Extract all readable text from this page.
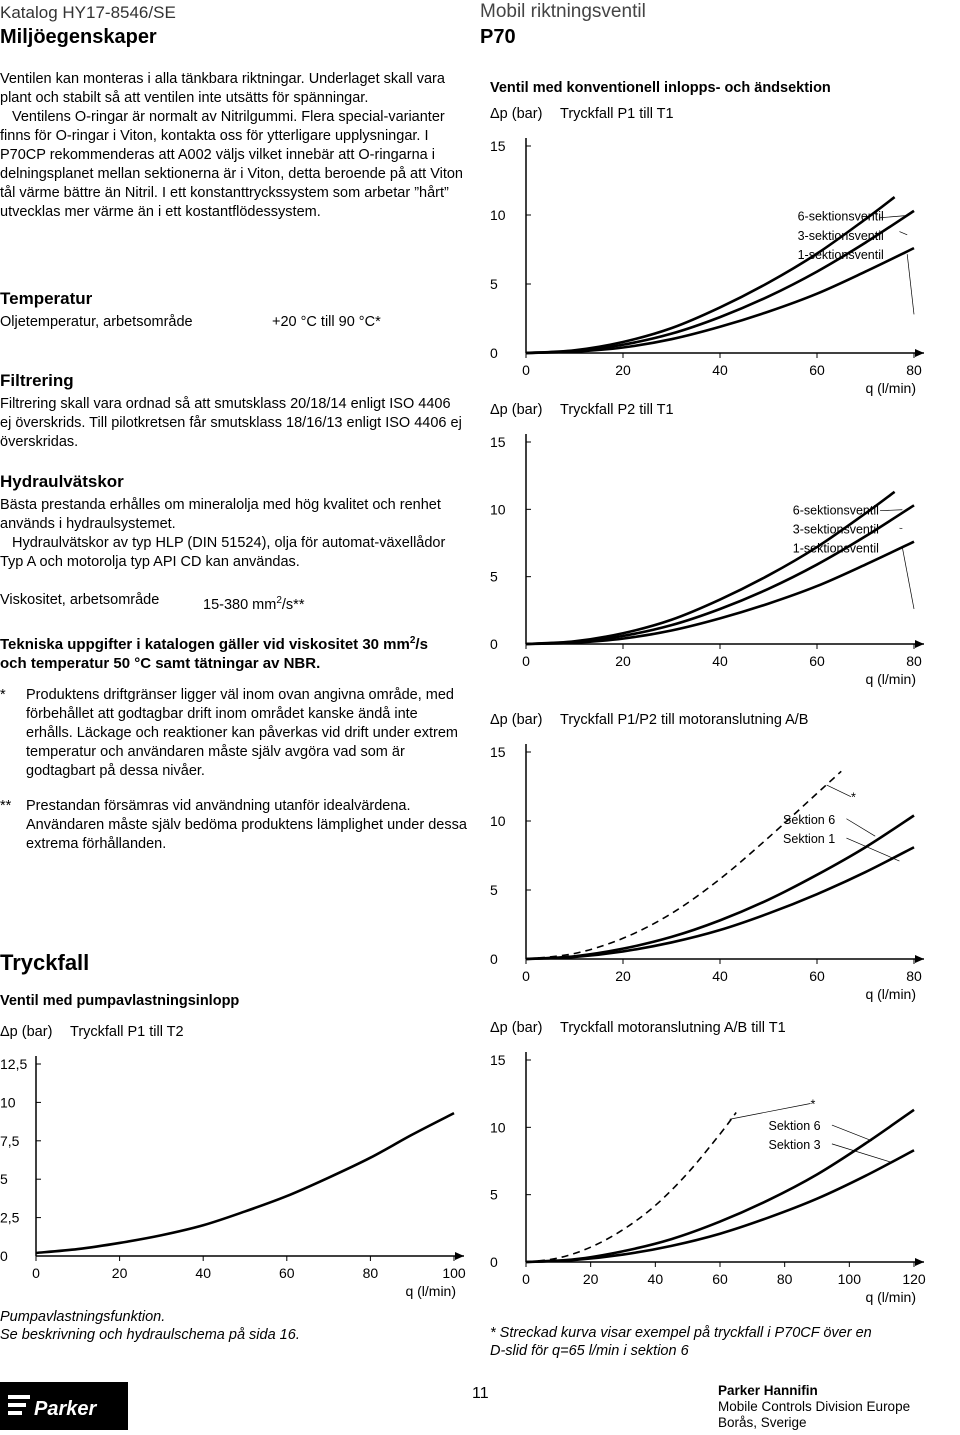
Katalog HY17-8546/SE
Miljöegenskaper
Mobil riktningsventil
P70

Ventilen kan monteras i alla tänkbara riktningar. Underlaget skall vara plant och stabilt så att ventilen inte utsätts för spänningar.

Ventilens O-ringar är normalt av Nitrilgummi. Flera special-varianter finns för O-ringar i Viton, kontakta oss för ytterligare upplysningar. I P70CP rekommenderas att A002 väljs vilket innebär att O-ringarna i delningsplanet mellan sektionerna är i Viton, detta beroende på att Viton tål värme bättre än Nitril. I ett konstanttryckssystem som arbetar ”hårt” utvecklas mer värme än i ett kostantflödessystem.

Temperatur
Oljetemperatur, arbetsområde	+20 °C till 90 °C*
Filtrering
Filtrering skall vara ordnad så att smutsklass 20/18/14 enligt ISO 4406 ej överskrids. Till pilotkretsen får smutsklass 18/16/13 enligt ISO 4406 ej överskridas.
Hydraulvätskor

Bästa prestanda erhålles om mineralolja med hög kvalitet och renhet används i hydraulsystemet.

Hydraulvätskor av typ HLP (DIN 51524), olja för automat-växellådor Typ A och motorolja typ API CD kan användas.

Viskositet, arbetsområde	15-380 $mm^2/s**$
Tekniska uppgifter i katalogen gäller vid viskositet 30 $mm^2/s$
och temperatur 50 °C samt tätningar av NBR.
*	Produktens driftgränser ligger väl inom ovan angivna område, med förbehållet att godtagbar drift inom området kanske ändå inte erhålls. Läckage och reaktioner kan påverkas vid drift under extrem temperatur och användaren måste själv avgöra vad som är godtagbart på dessa nivåer.
**	Prestandan försämras vid användning utanför idealvärdena. Användaren måste själv bedöma produktens lämplighet under dessa extrema förhållanden.
Tryckfall
Ventil med pumpavlastningsinlopp
Δp (bar) Tryckfall P1 till T2
0	20	40	60	80	100
q (l/min)
0
2,5
5
7,5
10
12,5
Pumpavlastningsfunktion.
Se beskrivning och hydraulschema på sida 16.
Ventil med konventionell inlopps- och ändsektion
Δp (bar) Tryckfall P1 till T1
0	20	40	60	80
q (l/min)
0
5
10
15
6-sektionsventil
3-sektionsventil
1-sektionsventil
Δp (bar) Tryckfall P2 till T1
0	20	40	60	80
q (l/min)
0
5
10
15
6-sektionsventil
3-sektionsventil
1-sektionsventil
Δp (bar) Tryckfall P1/P2 till motoranslutning A/B
0	20	40	60	80
q (l/min)
0
5
10
15
*
Sektion 6
Sektion 1
Δp (bar) Tryckfall motoranslutning A/B till T1
0	20	40	60	80	100	120
q (l/min)
0
5
10
15
*
Sektion 6
Sektion 3
* Streckad kurva visar exempel på tryckfall i P70CF över en
D-slid för q=65 l/min i sektion 6
Parker
11	Parker Hannifin
Mobile Controls Division Europe
Borås, Sverige
